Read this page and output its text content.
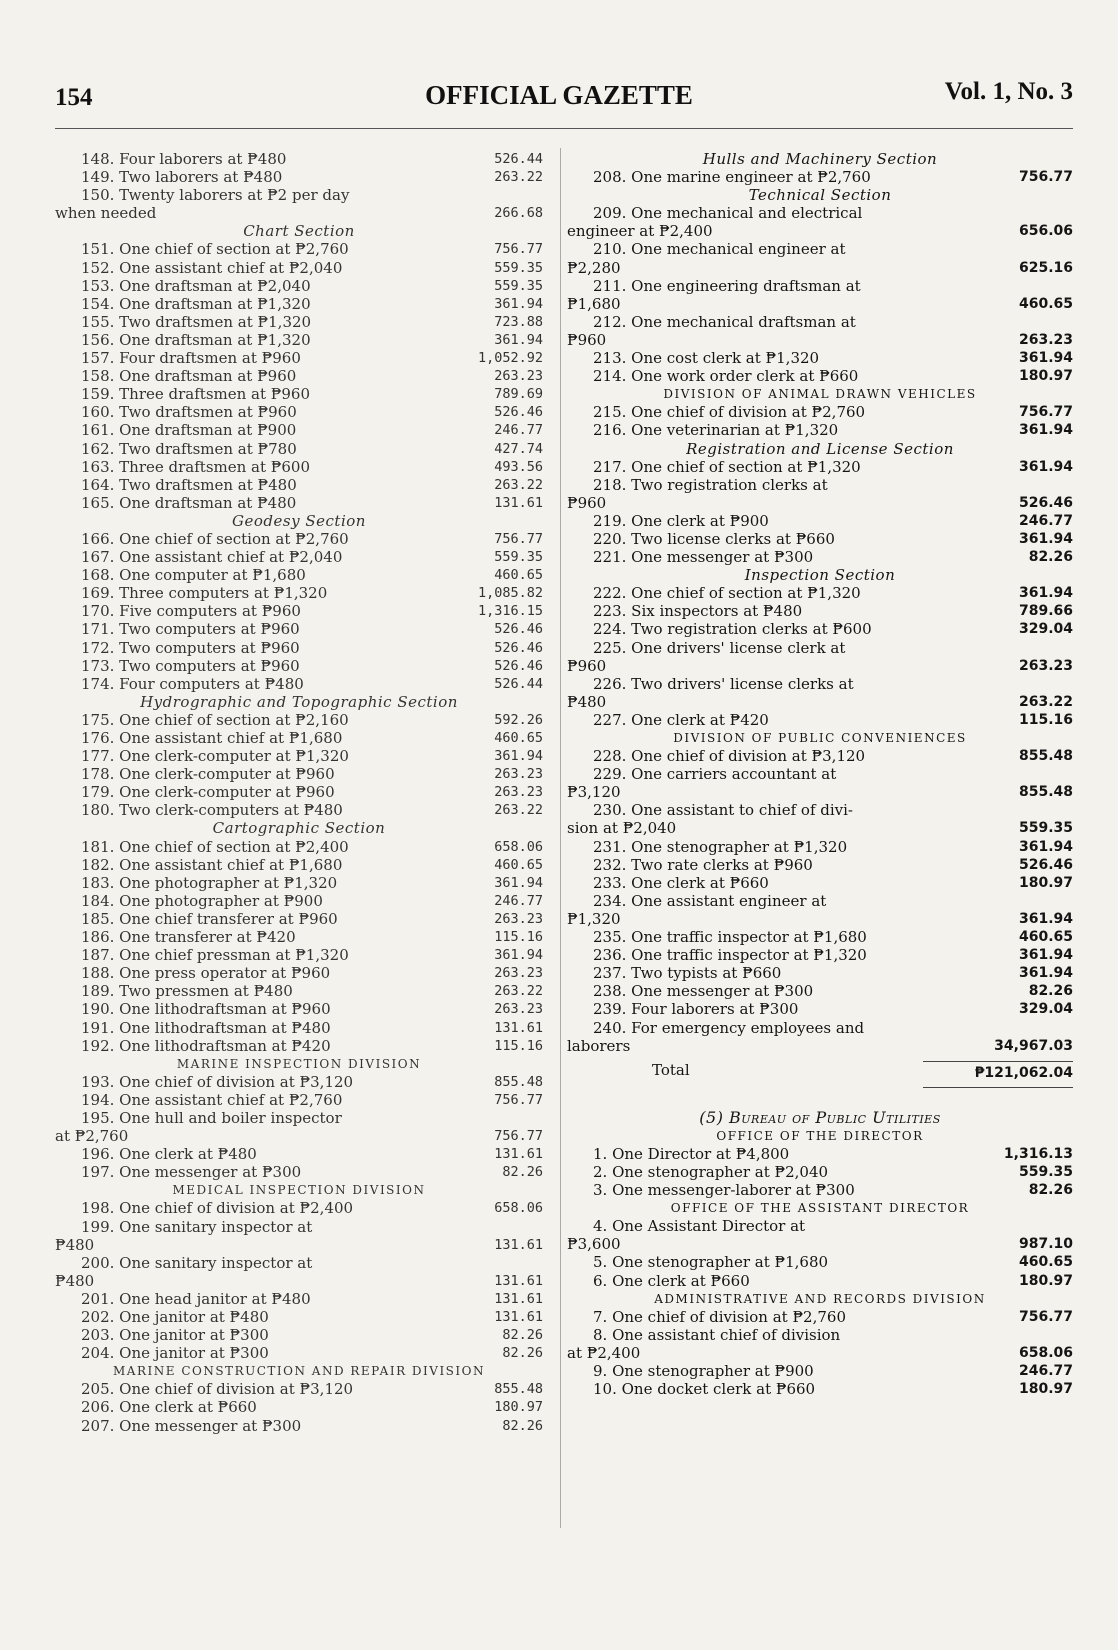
154	OFFICIAL GAZETTE	Vol. 1, No. 3
148. Four laborers at ₱480	526.44
149. Two laborers at ₱480	263.22
150. Twenty laborers at ₱2 per day
when needed	266.68
Chart Section
151. One chief of section at ₱2,760	756.77
152. One assistant chief at ₱2,040	559.35
153. One draftsman at ₱2,040	559.35
154. One draftsman at ₱1,320	361.94
155. Two draftsmen at ₱1,320	723.88
156. One draftsman at ₱1,320	361.94
157. Four draftsmen at ₱960	1,052.92
158. One draftsman at ₱960	263.23
159. Three draftsmen at ₱960	789.69
160. Two draftsmen at ₱960	526.46
161. One draftsman at ₱900	246.77
162. Two draftsmen at ₱780	427.74
163. Three draftsmen at ₱600	493.56
164. Two draftsmen at ₱480	263.22
165. One draftsman at ₱480	131.61
Geodesy Section
166. One chief of section at ₱2,760	756.77
167. One assistant chief at ₱2,040	559.35
168. One computer at ₱1,680	460.65
169. Three computers at ₱1,320	1,085.82
170. Five computers at ₱960	1,316.15
171. Two computers at ₱960	526.46
172. Two computers at ₱960	526.46
173. Two computers at ₱960	526.46
174. Four computers at ₱480	526.44
Hydrographic and Topographic Section
175. One chief of section at ₱2,160	592.26
176. One assistant chief at ₱1,680	460.65
177. One clerk-computer at ₱1,320	361.94
178. One clerk-computer at ₱960	263.23
179. One clerk-computer at ₱960	263.23
180. Two clerk-computers at ₱480	263.22
Cartographic Section
181. One chief of section at ₱2,400	658.06
182. One assistant chief at ₱1,680	460.65
183. One photographer at ₱1,320	361.94
184. One photographer at ₱900	246.77
185. One chief transferer at ₱960	263.23
186. One transferer at ₱420	115.16
187. One chief pressman at ₱1,320	361.94
188. One press operator at ₱960	263.23
189. Two pressmen at ₱480	263.22
190. One lithodraftsman at ₱960	263.23
191. One lithodraftsman at ₱480	131.61
192. One lithodraftsman at ₱420	115.16
MARINE INSPECTION DIVISION
193. One chief of division at ₱3,120	855.48
194. One assistant chief at ₱2,760	756.77
195. One hull and boiler inspector
at ₱2,760	756.77
196. One clerk at ₱480	131.61
197. One messenger at ₱300	82.26
MEDICAL INSPECTION DIVISION
198. One chief of division at ₱2,400	658.06
199. One sanitary inspector at
₱480	131.61
200. One sanitary inspector at
₱480	131.61
201. One head janitor at ₱480	131.61
202. One janitor at ₱480	131.61
203. One janitor at ₱300	82.26
204. One janitor at ₱300	82.26
MARINE CONSTRUCTION AND REPAIR DIVISION
205. One chief of division at ₱3,120	855.48
206. One clerk at ₱660	180.97
207. One messenger at ₱300	82.26
Hulls and Machinery Section
208. One marine engineer at ₱2,760	756.77
Technical Section
209. One mechanical and electrical
engineer at ₱2,400	656.06
210. One mechanical engineer at
₱2,280	625.16
211. One engineering draftsman at
₱1,680	460.65
212. One mechanical draftsman at
₱960	263.23
213. One cost clerk at ₱1,320	361.94
214. One work order clerk at ₱660	180.97
DIVISION OF ANIMAL DRAWN VEHICLES
215. One chief of division at ₱2,760	756.77
216. One veterinarian at ₱1,320	361.94
Registration and License Section
217. One chief of section at ₱1,320	361.94
218. Two registration clerks at
₱960	526.46
219. One clerk at ₱900	246.77
220. Two license clerks at ₱660	361.94
221. One messenger at ₱300	82.26
Inspection Section
222. One chief of section at ₱1,320	361.94
223. Six inspectors at ₱480	789.66
224. Two registration clerks at ₱600	329.04
225. One drivers' license clerk at
₱960	263.23
226. Two drivers' license clerks at
₱480	263.22
227. One clerk at ₱420	115.16
DIVISION OF PUBLIC CONVENIENCES
228. One chief of division at ₱3,120	855.48
229. One carriers accountant at
₱3,120	855.48
230. One assistant to chief of divi-
sion at ₱2,040	559.35
231. One stenographer at ₱1,320	361.94
232. Two rate clerks at ₱960	526.46
233. One clerk at ₱660	180.97
234. One assistant engineer at
₱1,320	361.94
235. One traffic inspector at ₱1,680	460.65
236. One traffic inspector at ₱1,320	361.94
237. Two typists at ₱660	361.94
238. One messenger at ₱300	82.26
239. Four laborers at ₱300	329.04
240. For emergency employees and
laborers	34,967.03
Total	₱121,062.04
(5) Bureau of Public Utilities
OFFICE OF THE DIRECTOR
1. One Director at ₱4,800	1,316.13
2. One stenographer at ₱2,040	559.35
3. One messenger-laborer at ₱300	82.26
OFFICE OF THE ASSISTANT DIRECTOR
4. One Assistant Director at
₱3,600	987.10
5. One stenographer at ₱1,680	460.65
6. One clerk at ₱660	180.97
ADMINISTRATIVE AND RECORDS DIVISION
7. One chief of division at ₱2,760	756.77
8. One assistant chief of division
at ₱2,400	658.06
9. One stenographer at ₱900	246.77
10. One docket clerk at ₱660	180.97
